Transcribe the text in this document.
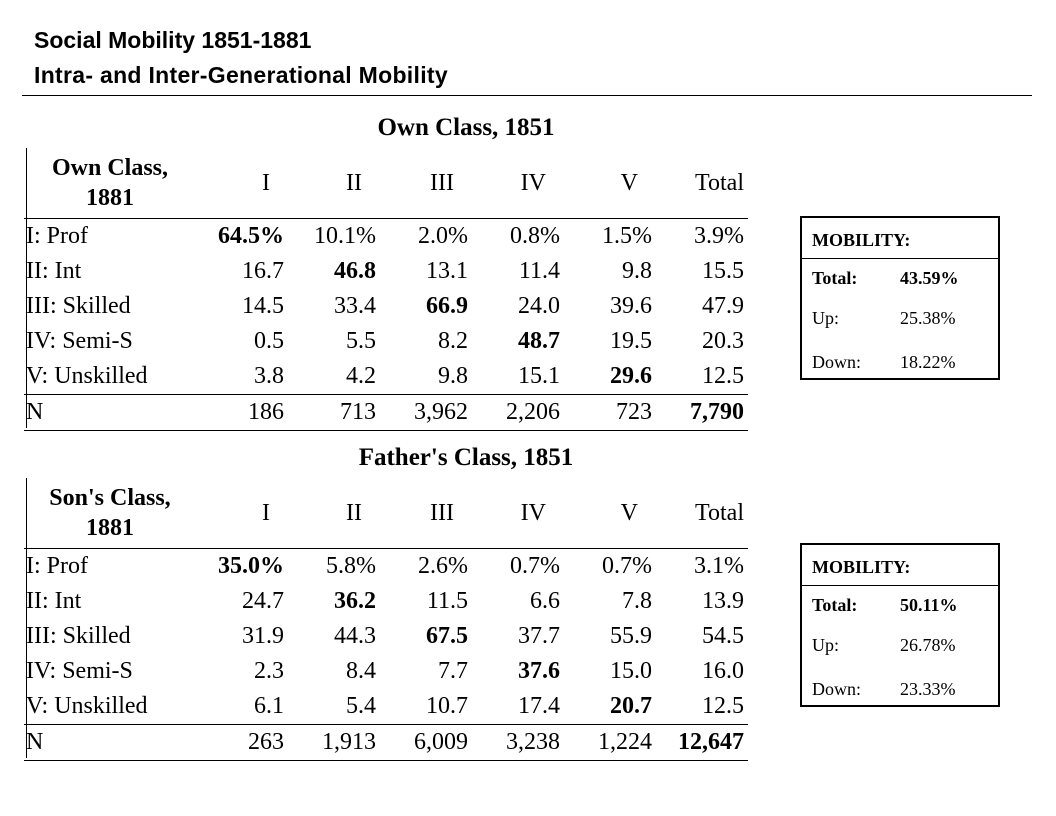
Social Mobility 1851-1881
Intra- and Inter-Generational Mobility
Own Class, 1851
Own Class,
1881	I	II	III	IV	V	Total
I: Prof	64.5%	10.1%	2.0%	0.8%	1.5%	3.9%
II: Int	16.7	46.8	13.1	11.4	9.8	15.5
III: Skilled	14.5	33.4	66.9	24.0	39.6	47.9
IV: Semi-S	0.5	5.5	8.2	48.7	19.5	20.3
V: Unskilled	3.8	4.2	9.8	15.1	29.6	12.5
N	186	713	3,962	2,206	723	7,790
Father's Class, 1851
Son's Class,
1881	I	II	III	IV	V	Total
I: Prof	35.0%	5.8%	2.6%	0.7%	0.7%	3.1%
II: Int	24.7	36.2	11.5	6.6	7.8	13.9
III: Skilled	31.9	44.3	67.5	37.7	55.9	54.5
IV: Semi-S	2.3	8.4	7.7	37.6	15.0	16.0
V: Unskilled	6.1	5.4	10.7	17.4	20.7	12.5
N	263	1,913	6,009	3,238	1,224	12,647
MOBILITY:
Total: 43.59%
Up:	25.38%
Down: 18.22%
MOBILITY:
Total: 50.11%
Up:	26.78%
Down: 23.33%
